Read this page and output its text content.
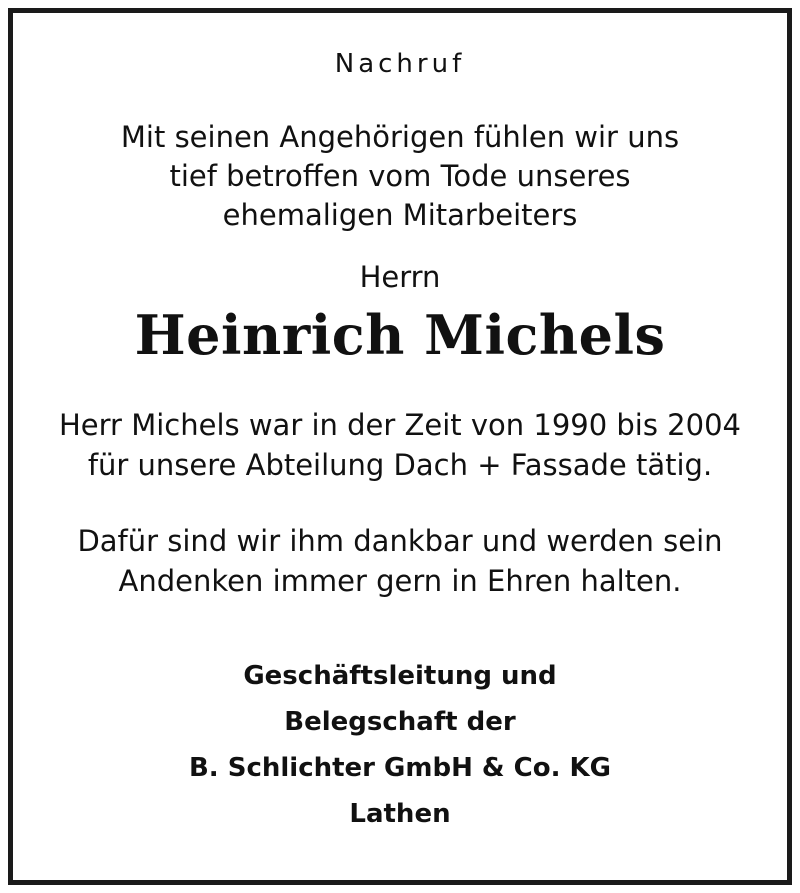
Nachruf
Mit seinen Angehörigen fühlen wir uns
tief betroffen vom Tode unseres
ehemaligen Mitarbeiters
Herrn
Heinrich Michels
Herr Michels war in der Zeit von 1990 bis 2004
für unsere Abteilung Dach + Fassade tätig.
Dafür sind wir ihm dankbar und werden sein
Andenken immer gern in Ehren halten.
Geschäftsleitung und
Belegschaft der
B. Schlichter GmbH & Co. KG
Lathen
